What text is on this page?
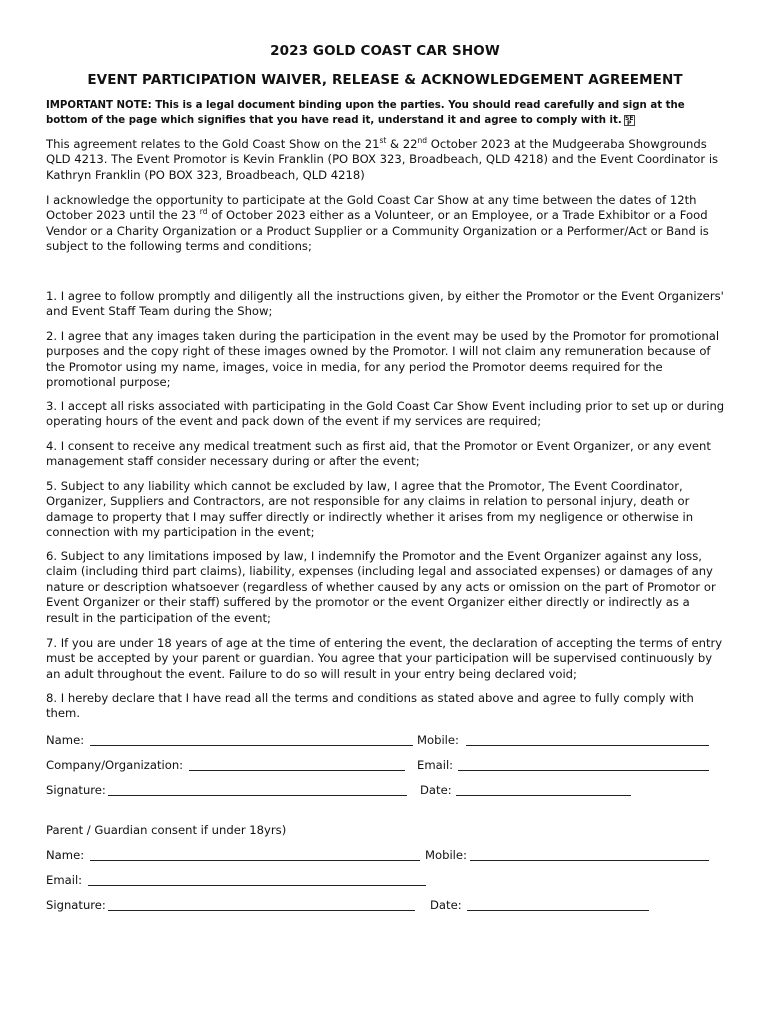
2023 GOLD COAST CAR SHOW
EVENT PARTICIPATION WAIVER, RELEASE & ACKNOWLEDGEMENT AGREEMENT
IMPORTANT NOTE: This is a legal document binding upon the parties. You should read carefully and sign at the bottom of the page which signifies that you have read it, understand it and agree to comply with it. SE
P
This agreement relates to the Gold Coast Show on the 21st & 22nd October 2023 at the Mudgeeraba Showgrounds QLD 4213. The Event Promotor is Kevin Franklin (PO BOX 323, Broadbeach, QLD 4218) and the Event Coordinator is Kathryn Franklin (PO BOX 323, Broadbeach, QLD 4218)
I acknowledge the opportunity to participate at the Gold Coast Car Show at any time between the dates of 12th October 2023 until the 23 $^{rd}$ of October 2023 either as a Volunteer, or an Employee, or a Trade Exhibitor or a Food Vendor or a Charity Organization or a Product Supplier or a Community Organization or a Performer/Act or Band is subject to the following terms and conditions;
1. I agree to follow promptly and diligently all the instructions given, by either the Promotor or the Event Organizers' and Event Staff Team during the Show;
2. I agree that any images taken during the participation in the event may be used by the Promotor for promotional purposes and the copy right of these images owned by the Promotor. I will not claim any remuneration because of the Promotor using my name, images, voice in media, for any period the Promotor deems required for the promotional purpose;
3. I accept all risks associated with participating in the Gold Coast Car Show Event including prior to set up or during operating hours of the event and pack down of the event if my services are required;
4. I consent to receive any medical treatment such as first aid, that the Promotor or Event Organizer, or any event management staff consider necessary during or after the event;
5. Subject to any liability which cannot be excluded by law, I agree that the Promotor, The Event Coordinator, Organizer, Suppliers and Contractors, are not responsible for any claims in relation to personal injury, death or damage to property that I may suffer directly or indirectly whether it arises from my negligence or otherwise in connection with my participation in the event;
6. Subject to any limitations imposed by law, I indemnify the Promotor and the Event Organizer against any loss, claim (including third part claims), liability, expenses (including legal and associated expenses) or damages of any nature or description whatsoever (regardless of whether caused by any acts or omission on the part of Promotor or Event Organizer or their staff) suffered by the promotor or the event Organizer either directly or indirectly as a result in the participation of the event;
7. If you are under 18 years of age at the time of entering the event, the declaration of accepting the terms of entry must be accepted by your parent or guardian. You agree that your participation will be supervised continuously by an adult throughout the event. Failure to do so will result in your entry being declared void;
8. I hereby declare that I have read all the terms and conditions as stated above and agree to fully comply with them.
Name:	Mobile:
Company/Organization:	Email:
Signature:	Date:
Parent / Guardian consent if under 18yrs)
Name:	Mobile:
Email:
Signature:	Date:
